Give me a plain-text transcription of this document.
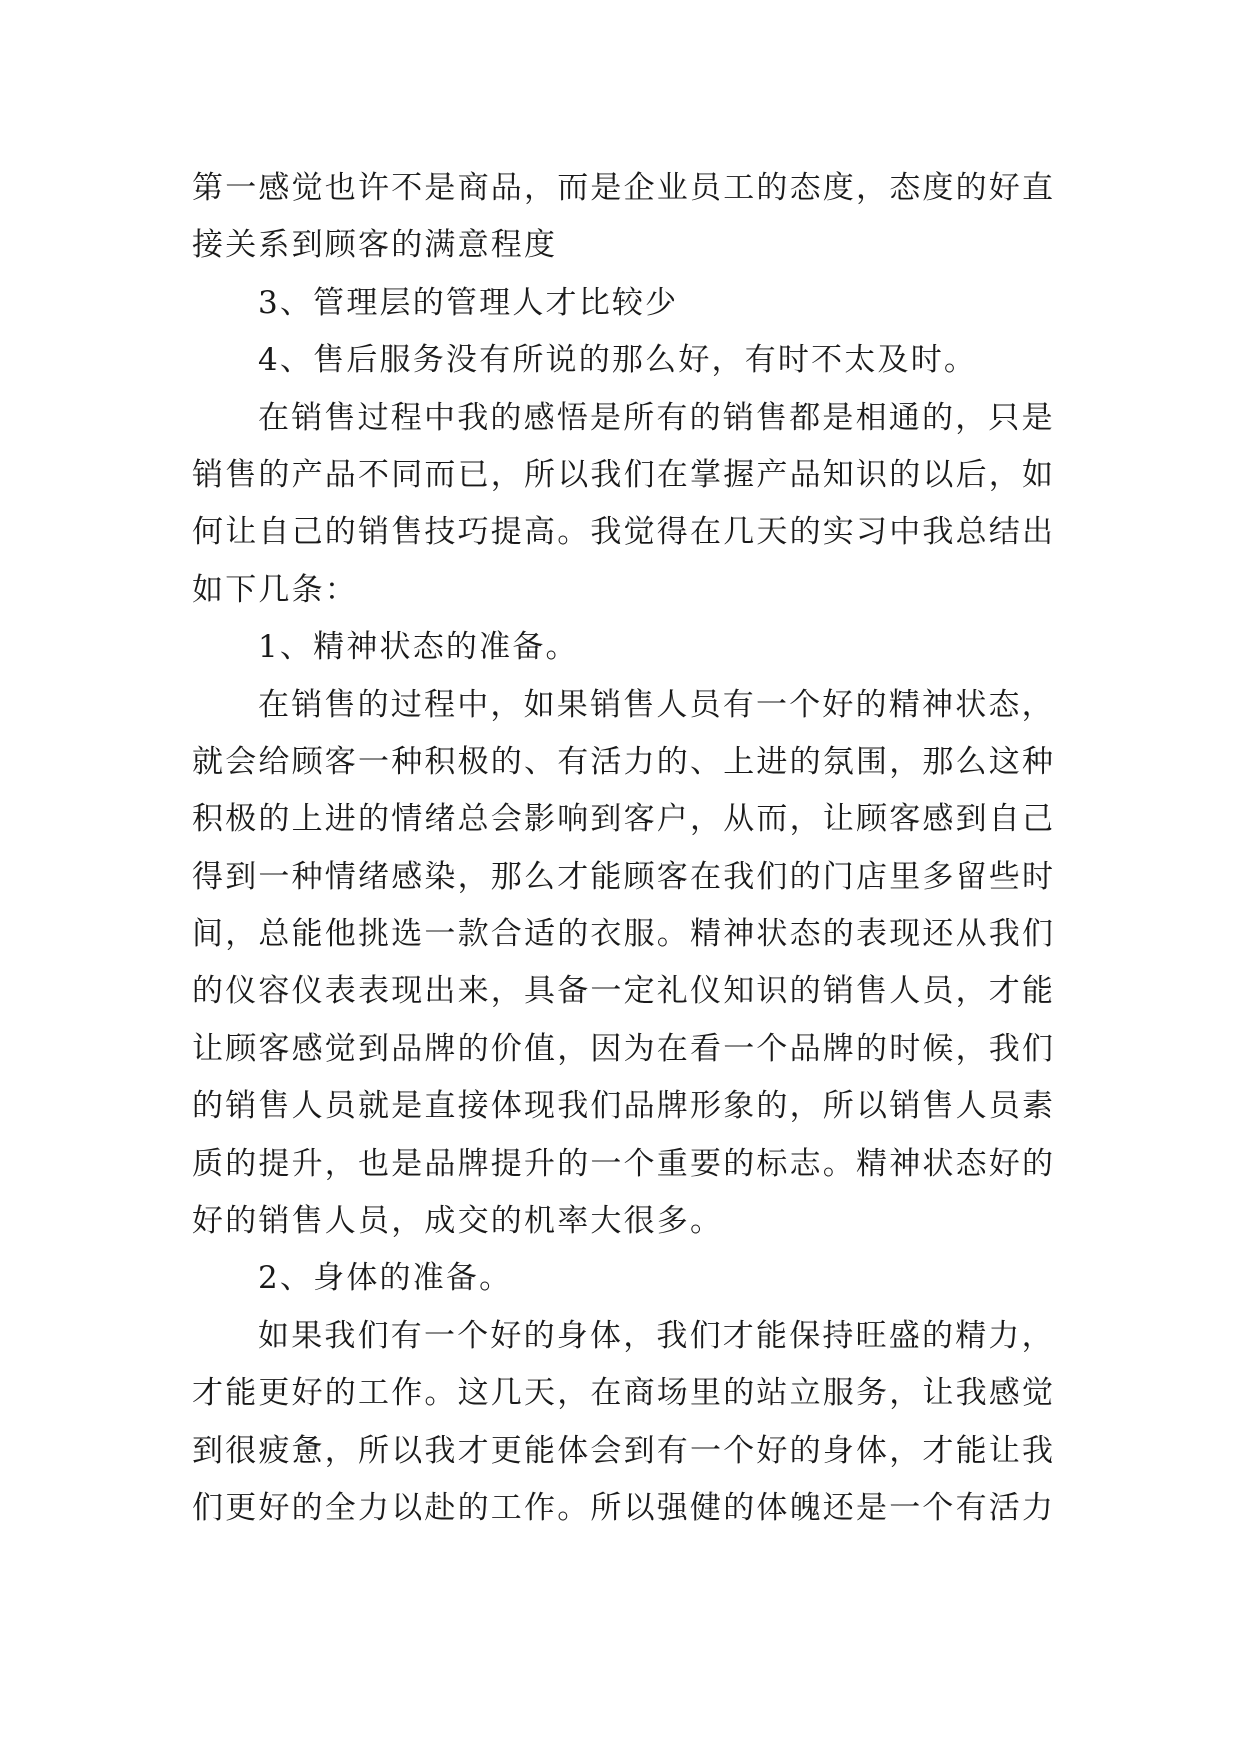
第一感觉也许不是商品，而是企业员工的态度，态度的好直
接关系到顾客的满意程度
3、管理层的管理人才比较少
4、售后服务没有所说的那么好，有时不太及时。
在销售过程中我的感悟是所有的销售都是相通的，只是
销售的产品不同而已，所以我们在掌握产品知识的以后，如
何让自己的销售技巧提高。我觉得在几天的实习中我总结出
如下几条：
1、精神状态的准备。
在销售的过程中，如果销售人员有一个好的精神状态，
就会给顾客一种积极的、有活力的、上进的氛围，那么这种
积极的上进的情绪总会影响到客户，从而，让顾客感到自己
得到一种情绪感染，那么才能顾客在我们的门店里多留些时
间，总能他挑选一款合适的衣服。精神状态的表现还从我们
的仪容仪表表现出来，具备一定礼仪知识的销售人员，才能
让顾客感觉到品牌的价值，因为在看一个品牌的时候，我们
的销售人员就是直接体现我们品牌形象的，所以销售人员素
质的提升，也是品牌提升的一个重要的标志。精神状态好的
好的销售人员，成交的机率大很多。
2、身体的准备。
如果我们有一个好的身体，我们才能保持旺盛的精力，
才能更好的工作。这几天，在商场里的站立服务，让我感觉
到很疲惫，所以我才更能体会到有一个好的身体，才能让我
们更好的全力以赴的工作。所以强健的体魄还是一个有活力
